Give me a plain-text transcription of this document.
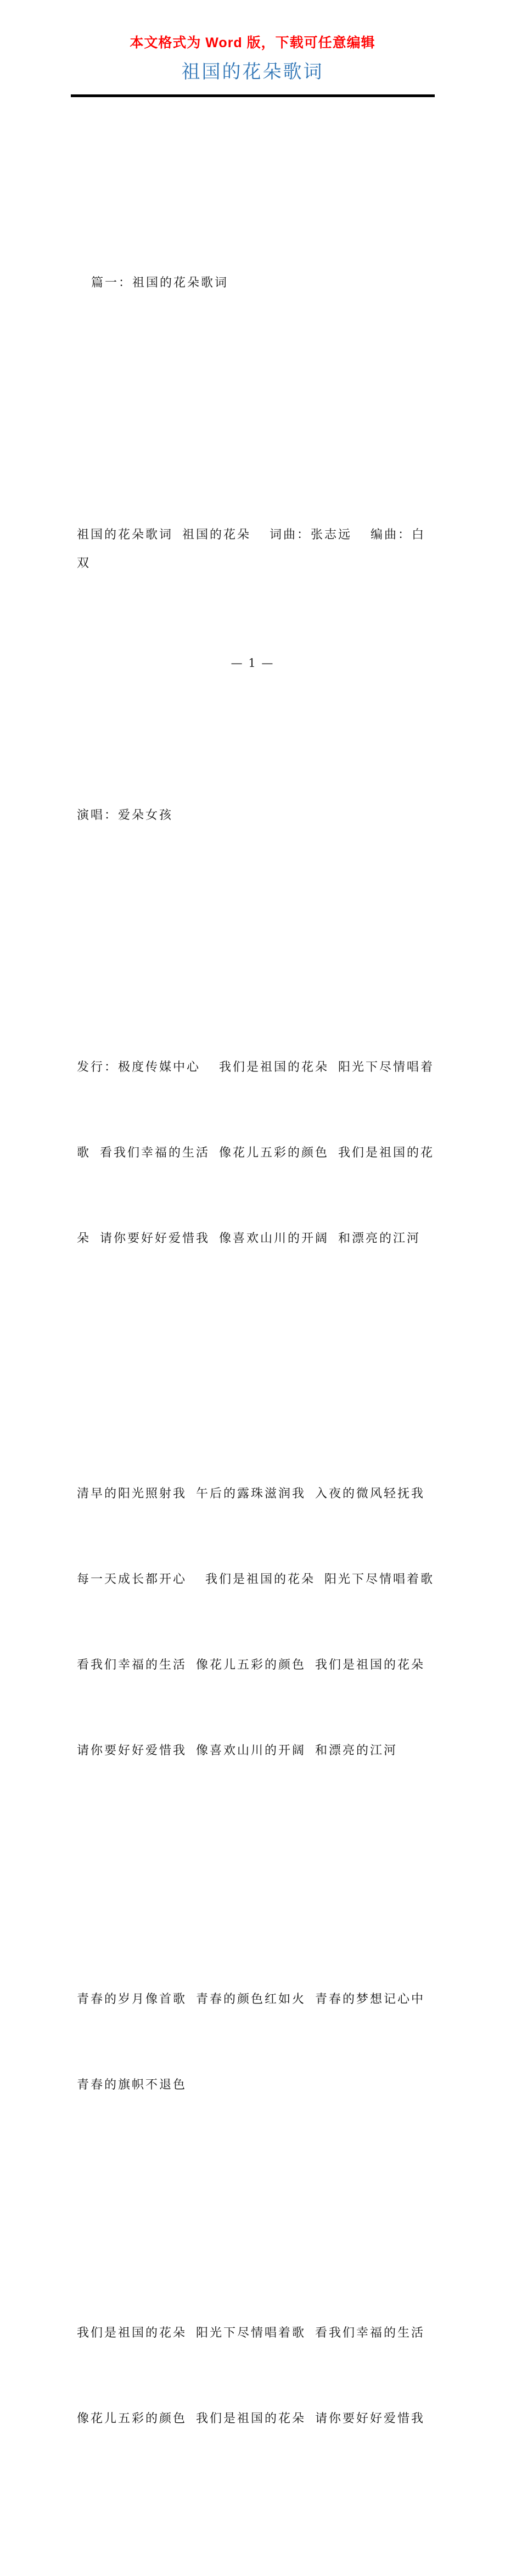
本文格式为 Word 版，下载可任意编辑
祖国的花朵歌词

篇一：祖国的花朵歌词

祖国的花朵歌词 祖国的花朵  词曲：张志远  编曲：白双

演唱：爱朵女孩

发行：极度传媒中心  我们是祖国的花朵 阳光下尽情唱着

歌 看我们幸福的生活 像花儿五彩的颜色 我们是祖国的花

朵 请你要好好爱惜我 像喜欢山川的开阔 和漂亮的江河

清早的阳光照射我 午后的露珠滋润我 入夜的微风轻抚我

每一天成长都开心  我们是祖国的花朵 阳光下尽情唱着歌

看我们幸福的生活 像花儿五彩的颜色 我们是祖国的花朵

请你要好好爱惜我 像喜欢山川的开阔 和漂亮的江河

青春的岁月像首歌 青春的颜色红如火 青春的梦想记心中

青春的旗帜不退色

我们是祖国的花朵 阳光下尽情唱着歌 看我们幸福的生活

像花儿五彩的颜色 我们是祖国的花朵 请你要好好爱惜我

— 1 —
